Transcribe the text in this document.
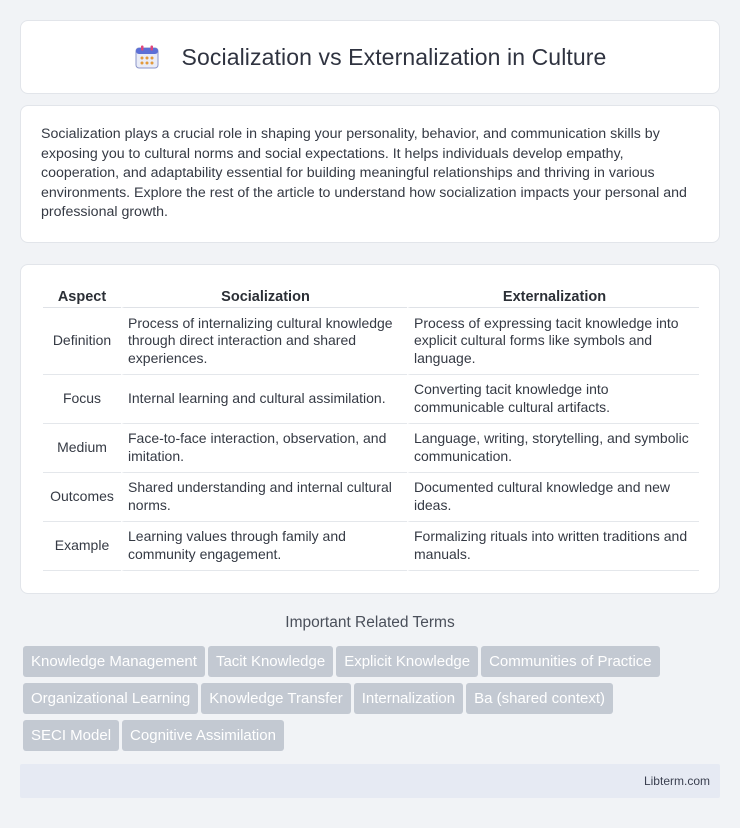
Socialization vs Externalization in Culture

Socialization plays a crucial role in shaping your personality, behavior, and communication skills by exposing you to cultural norms and social expectations. It helps individuals develop empathy, cooperation, and adaptability essential for building meaningful relationships and thriving in various environments. Explore the rest of the article to understand how socialization impacts your personal and professional growth.

Aspect	Socialization	Externalization
Definition	Process of internalizing cultural knowledge through direct interaction and shared experiences.	Process of expressing tacit knowledge into explicit cultural forms like symbols and language.
Focus	Internal learning and cultural assimilation.	Converting tacit knowledge into communicable cultural artifacts.
Medium	Face-to-face interaction, observation, and imitation.	Language, writing, storytelling, and symbolic communication.
Outcomes	Shared understanding and internal cultural norms.	Documented cultural knowledge and new ideas.
Example	Learning values through family and community engagement.	Formalizing rituals into written traditions and manuals.
Important Related Terms
Knowledge Management Tacit Knowledge Explicit Knowledge Communities of Practice
Organizational Learning Knowledge Transfer Internalization Ba (shared context)
SECI Model Cognitive Assimilation
Libterm.com
